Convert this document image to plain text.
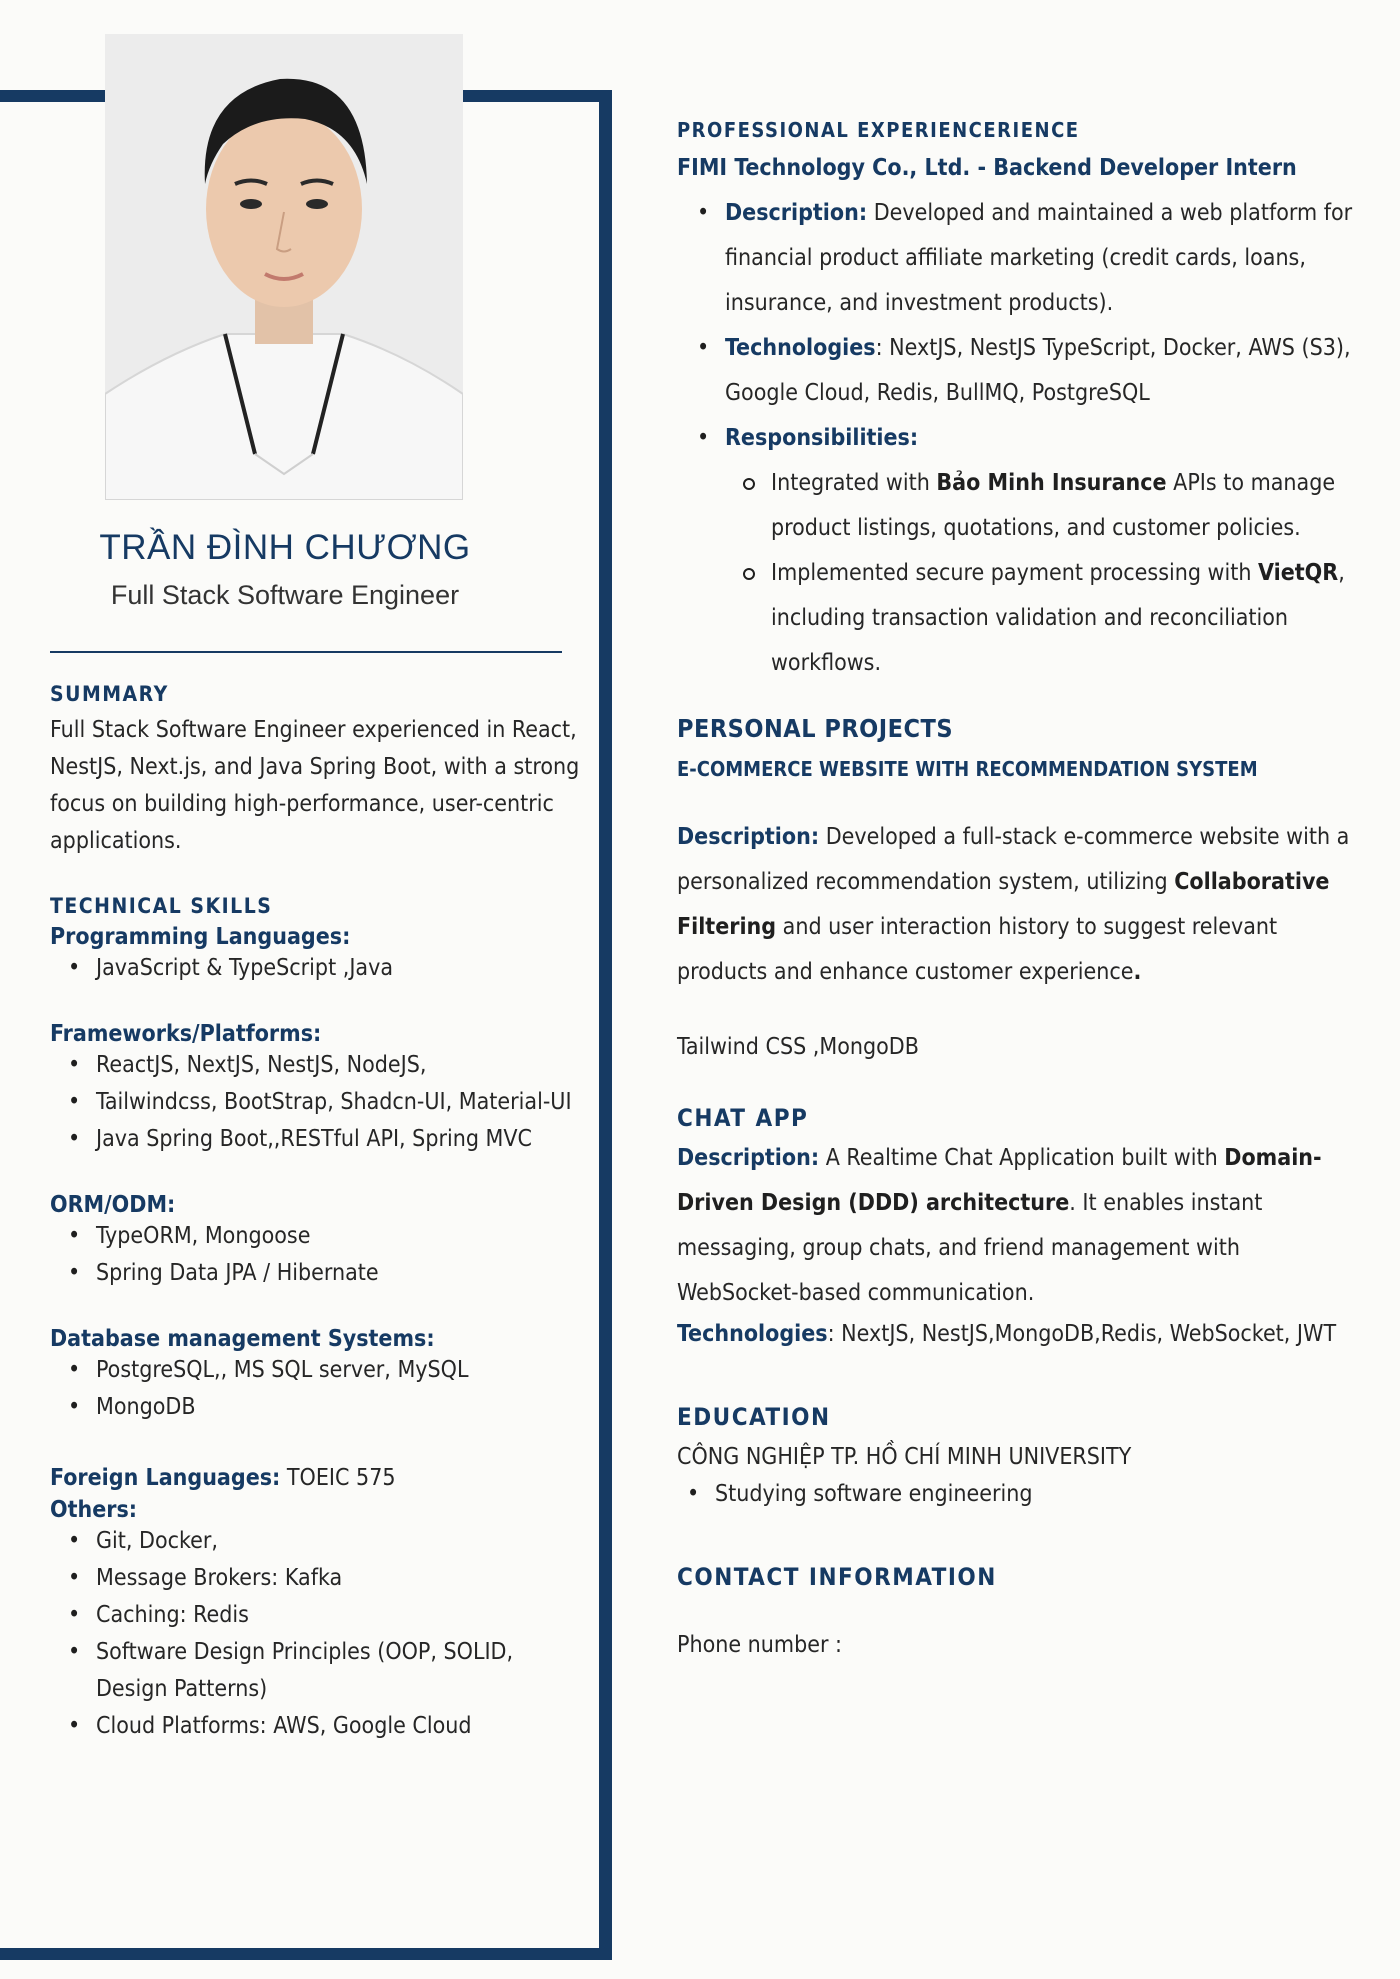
TRẦN ĐÌNH CHƯƠNG
Full Stack Software Engineer

SUMMARY

Full Stack Software Engineer experienced in React, NestJS, Next.js, and Java Spring Boot, with a strong focus on building high-performance, user-centric applications.

TECHNICAL SKILLS

Programming Languages:

• JavaScript & TypeScript ,Java

Frameworks/Platforms:

• ReactJS, NextJS, NestJS, NodeJS,
• Tailwindcss, BootStrap, Shadcn-UI, Material-UI
• Java Spring Boot,,RESTful API, Spring MVC

ORM/ODM:

• TypeORM, Mongoose
• Spring Data JPA / Hibernate

Database management Systems:

• PostgreSQL,, MS SQL server, MySQL
• MongoDB

Foreign Languages: TOEIC 575

Others:

• Git, Docker,
• Message Brokers: Kafka
• Caching: Redis
• Software Design Principles (OOP, SOLID, Design Patterns)
• Cloud Platforms: AWS, Google Cloud

PROFESSIONAL EXPERIENCERIENCE

FIMI Technology Co., Ltd. - Backend Developer Intern

• Description: Developed and maintained a web platform for financial product affiliate marketing (credit cards, loans, insurance, and investment products).
• Technologies: NextJS, NestJS TypeScript, Docker, AWS (S3), Google Cloud, Redis, BullMQ, PostgreSQL
• Responsibilities:
Integrated with Bảo Minh Insurance APIs to manage product listings, quotations, and customer policies.
Implemented secure payment processing with VietQR, including transaction validation and reconciliation workflows.

PERSONAL PROJECTS

E-COMMERCE WEBSITE WITH RECOMMENDATION SYSTEM

Description: Developed a full-stack e-commerce website with a personalized recommendation system, utilizing Collaborative Filtering and user interaction history to suggest relevant products and enhance customer experience.

Tailwind CSS ,MongoDB

CHAT APP

Description: A Realtime Chat Application built with Domain-Driven Design (DDD) architecture. It enables instant messaging, group chats, and friend management with WebSocket-based communication.

Technologies: NextJS, NestJS,MongoDB,Redis, WebSocket, JWT

EDUCATION

CÔNG NGHIỆP TP. HỒ CHÍ MINH UNIVERSITY

• Studying software engineering

CONTACT INFORMATION

Phone number :
